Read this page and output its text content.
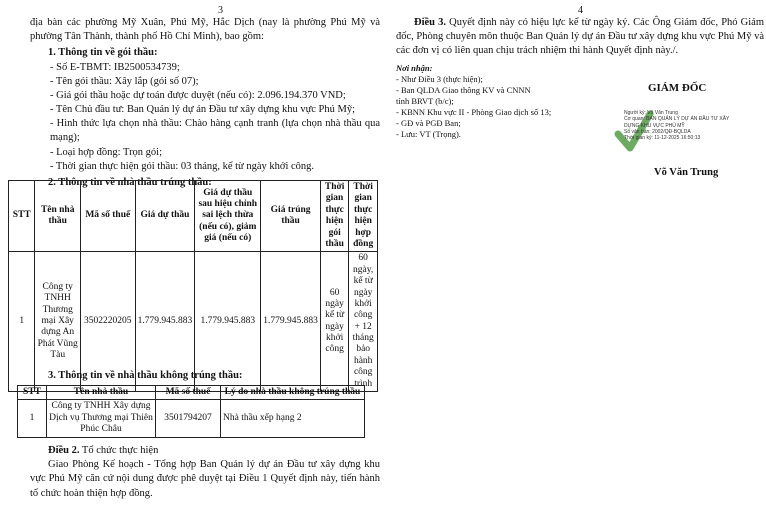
3

địa bàn các phường Mỹ Xuân, Phú Mỹ, Hắc Dịch (nay là phường Phú Mỹ và phường Tân Thành, thành phố Hồ Chí Minh), bao gồm:

1. Thông tin về gói thầu:

- Số E-TBMT: IB2500534739;

- Tên gói thầu: Xây lắp (gói số 07);

- Giá gói thầu hoặc dự toán được duyệt (nếu có): 2.096.194.370 VND;

- Tên Chủ đầu tư: Ban Quản lý dự án Đầu tư xây dựng khu vực Phú Mỹ;

- Hình thức lựa chọn nhà thầu: Chào hàng cạnh tranh (lựa chọn nhà thầu qua mạng);

- Loại hợp đồng: Trọn gói;

- Thời gian thực hiện gói thầu: 03 tháng, kể từ ngày khởi công.

2. Thông tin về nhà thầu trúng thầu:

STT	Tên nhà thầu	Mã số thuế	Giá dự thầu	Giá dự thầu sau hiệu chỉnh sai lệch thừa (nếu có), giảm giá (nếu có)	Giá trúng thầu	Thời gian thực hiện gói thầu	Thời gian thực hiện hợp đồng
1	Công ty TNHH Thương mại Xây dựng An Phát Vũng Tàu	3502220205	1.779.945.883	1.779.945.883	1.779.945.883	60 ngày kể từ ngày khởi công	60 ngày, kể từ ngày khởi công + 12 tháng bảo hành công trình

3. Thông tin về nhà thầu không trúng thầu:

STT	Tên nhà thầu	Mã số thuế	Lý do nhà thầu không trúng thầu
1	Công ty TNHH Xây dựng Dịch vụ Thương mại Thiên Phúc Châu	3501794207	Nhà thầu xếp hạng 2

Điều 2. Tổ chức thực hiện

Giao Phòng Kế hoạch - Tổng hợp Ban Quản lý dự án Đầu tư xây dựng khu vực Phú Mỹ căn cứ nội dung được phê duyệt tại Điều 1 Quyết định này, tiến hành tổ chức hoàn thiện hợp đồng.

4

Điều 3. Quyết định này có hiệu lực kể từ ngày ký. Các Ông Giám đốc, Phó Giám đốc, Phòng chuyên môn thuộc Ban Quản lý dự án Đầu tư xây dựng khu vực Phú Mỹ và các đơn vị có liên quan chịu trách nhiệm thi hành Quyết định này./.

Nơi nhận:

- Như Điều 3 (thực hiện);

- Ban QLDA Giao thông KV và CNNN

tỉnh BRVT (b/c);

- KBNN Khu vực II - Phòng Giao dịch số 13;

- GĐ và PGĐ Ban;

- Lưu: VT (Trọng).

GIÁM ĐỐC
Người ký: Võ Văn Trung
Cơ quan: BAN QUẢN LÝ DỰ ÁN ĐẦU TƯ XÂY
DỰNG KHU VỰC PHÚ MỸ
Số văn bản: 2002/QĐ-BQLDA
Thời gian ký: 11-12-2025 16:50:13
Võ Văn Trung
